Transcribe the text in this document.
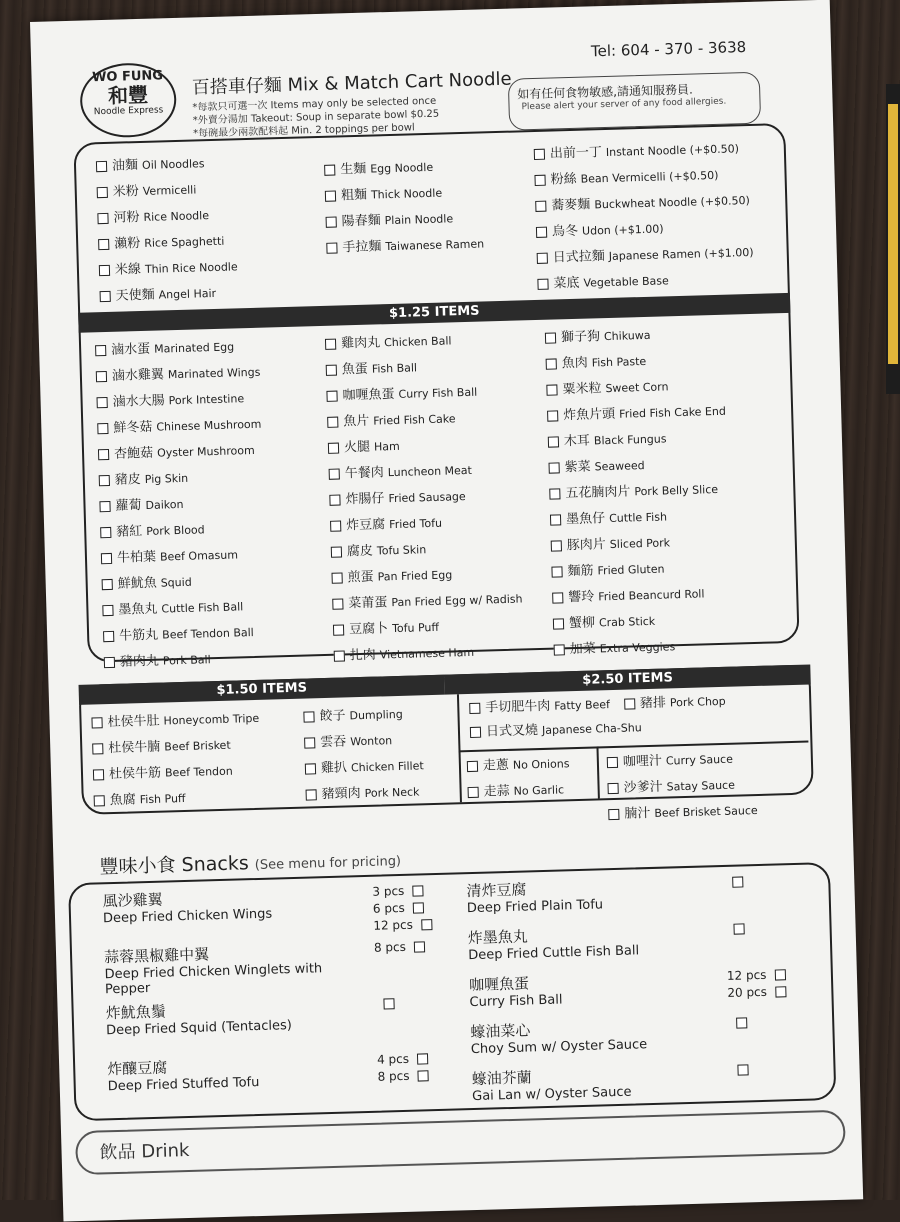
WO FUNG
和豐
Noodle Express
百搭車仔麵 Mix & Match Cart Noodle
Tel: 604 - 370 - 3638
*每款只可選一次 Items may only be selected once
*外賣分湯加 Takeout: Soup in separate bowl $0.25
*每碗最少兩款配料起 Min. 2 toppings per bowl
如有任何食物敏感,請通知服務員.
Please alert your server of any food allergies.
油麵 Oil Noodles
米粉 Vermicelli
河粉 Rice Noodle
瀨粉 Rice Spaghetti
米線 Thin Rice Noodle
天使麵 Angel Hair
生麵 Egg Noodle
粗麵 Thick Noodle
陽春麵 Plain Noodle
手拉麵 Taiwanese Ramen
出前一丁 Instant Noodle (+$0.50)
粉絲 Bean Vermicelli (+$0.50)
蕎麥麵 Buckwheat Noodle (+$0.50)
烏冬 Udon (+$1.00)
日式拉麵 Japanese Ramen (+$1.00)
菜底 Vegetable Base
$1.25 ITEMS
滷水蛋 Marinated Egg
滷水雞翼 Marinated Wings
滷水大腸 Pork Intestine
鮮冬菇 Chinese Mushroom
杏鮑菇 Oyster Mushroom
豬皮 Pig Skin
蘿蔔 Daikon
豬紅 Pork Blood
牛柏葉 Beef Omasum
鮮魷魚 Squid
墨魚丸 Cuttle Fish Ball
牛筋丸 Beef Tendon Ball
豬肉丸 Pork Ball
雞肉丸 Chicken Ball
魚蛋 Fish Ball
咖喱魚蛋 Curry Fish Ball
魚片 Fried Fish Cake
火腿 Ham
午餐肉 Luncheon Meat
炸腸仔 Fried Sausage
炸豆腐 Fried Tofu
腐皮 Tofu Skin
煎蛋 Pan Fried Egg
菜莆蛋 Pan Fried Egg w/ Radish
豆腐卜 Tofu Puff
扎肉 Vietnamese Ham
獅子狗 Chikuwa
魚肉 Fish Paste
粟米粒 Sweet Corn
炸魚片頭 Fried Fish Cake End
木耳 Black Fungus
紫菜 Seaweed
五花腩肉片 Pork Belly Slice
墨魚仔 Cuttle Fish
豚肉片 Sliced Pork
麵筋 Fried Gluten
響玲 Fried Beancurd Roll
蟹柳 Crab Stick
加菜 Extra Veggies
$1.50 ITEMS
$2.50 ITEMS
杜侯牛肚 Honeycomb Tripe
杜侯牛腩 Beef Brisket
杜侯牛筋 Beef Tendon
魚腐 Fish Puff
餃子 Dumpling
雲吞 Wonton
雞扒 Chicken Fillet
豬頸肉 Pork Neck
手切肥牛肉 Fatty Beef 豬排 Pork Chop
日式叉燒 Japanese Cha-Shu
走蔥 No Onions
走蒜 No Garlic
咖哩汁 Curry Sauce
沙爹汁 Satay Sauce
腩汁 Beef Brisket Sauce
豐味小食 Snacks (See menu for pricing)
風沙雞翼
Deep Fried Chicken Wings
3 pcs
6 pcs
12 pcs
蒜蓉黑椒雞中翼
Deep Fried Chicken Winglets with Pepper
8 pcs
炸魷魚鬚
Deep Fried Squid (Tentacles)
炸釀豆腐
Deep Fried Stuffed Tofu
4 pcs
8 pcs
清炸豆腐
Deep Fried Plain Tofu
炸墨魚丸
Deep Fried Cuttle Fish Ball
咖喱魚蛋
Curry Fish Ball
12 pcs
20 pcs
蠔油菜心
Choy Sum w/ Oyster Sauce
蠔油芥蘭
Gai Lan w/ Oyster Sauce
飲品 Drink
